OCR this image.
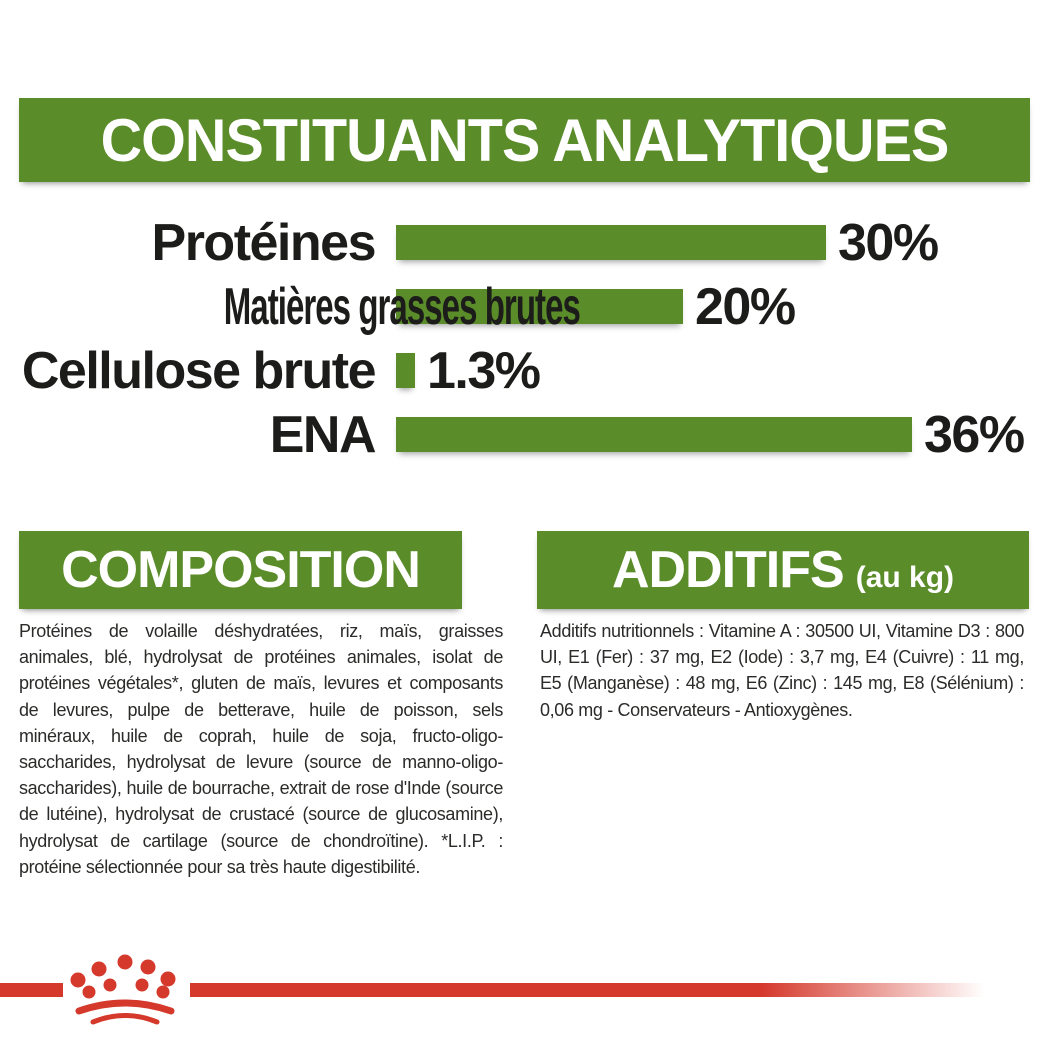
CONSTITUANTS ANALYTIQUES
Protéines	30%
Matières grasses brutes 20%
Cellulose brute 1.3%
ENA	36%
COMPOSITION	ADDITIFS (au kg)
Protéines de volaille déshydratées, riz, maïs, graisses animales, blé, hydrolysat de protéines animales, isolat de protéines végétales*, gluten de maïs, levures et composants de levures, pulpe de betterave, huile de poisson, sels minéraux, huile de coprah, huile de soja, fructo-oligo-saccharides, hydrolysat de levure (source de manno-oligo-saccharides), huile de bourrache, extrait de rose d'Inde (source de lutéine), hydrolysat de crustacé (source de glucosamine), hydrolysat de cartilage (source de chondroïtine). *L.I.P. : protéine sélectionnée pour sa très haute digestibilité.
Additifs nutritionnels : Vitamine A : 30500 UI, Vitamine D3 : 800 UI, E1 (Fer) : 37 mg, E2 (Iode) : 3,7 mg, E4 (Cuivre) : 11 mg, E5 (Manganèse) : 48 mg, E6 (Zinc) : 145 mg, E8 (Sélénium) : 0,06 mg - Conservateurs - Antioxygènes.
